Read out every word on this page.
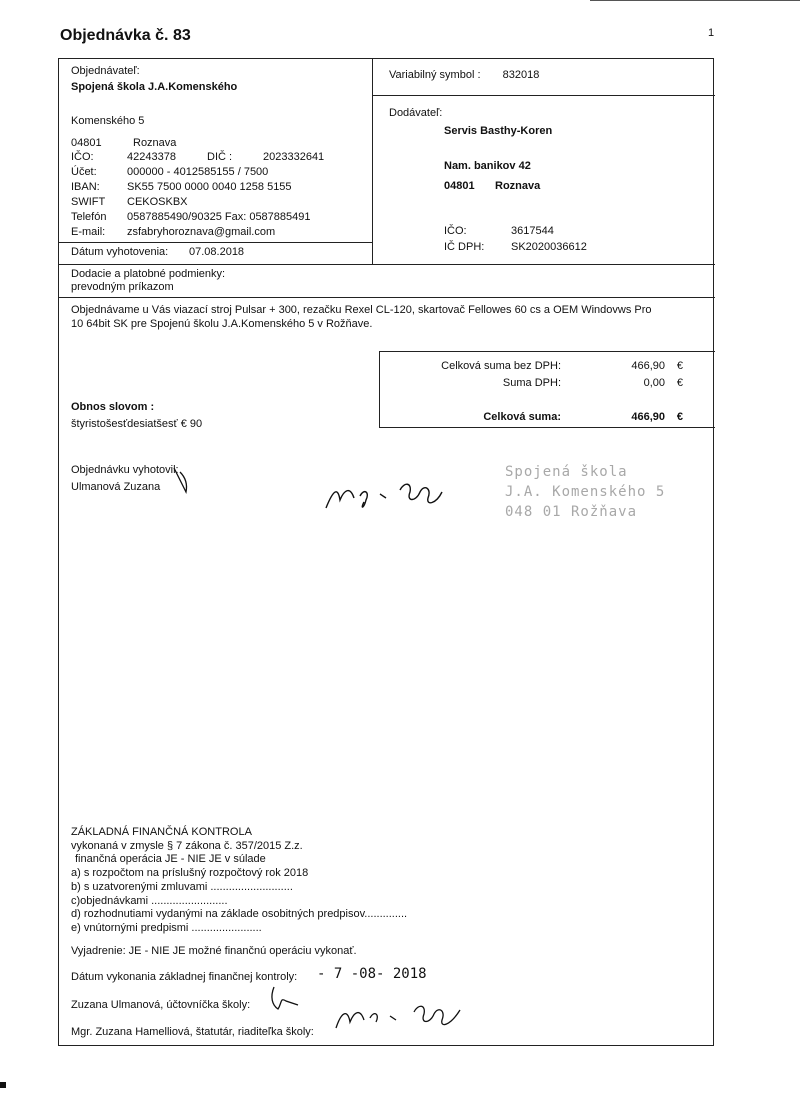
Objednávka č. 83	1
Variabilný symbol : 832018
Objednávateľ:
Spojená škola J.A.Komenského
Komenského 5
04801	Roznava
IČO:	42243378	DIČ :	2023332641
Účet:	000000 - 4012585155 / 7500
IBAN: SK55 7500 0000 0040 1258 5155
SWIFT CEKOSKBX
Telefón 0587885490/90325 Fax: 0587885491
E-mail: zsfabryhoroznava@gmail.com
Dátum vyhotovenia: 07.08.2018
Dodávateľ:
Servis Basthy-Koren
Nam. banikov 42
04801 Roznava
IČO:	3617544
IČ DPH: SK2020036612
Dodacie a platobné podmienky:
prevodným príkazom
Objednávame u Vás viazací stroj Pulsar + 300, rezačku Rexel CL-120, skartovač Fellowes 60 cs a OEM Windovws Pro
10 64bit SK pre Spojenú školu J.A.Komenského 5 v Rožňave.
Celková suma bez DPH:	466,90 €
Suma DPH:	0,00 €
Celková suma:	466,90 €
Obnos slovom :
štyristošesťdesiatšesť € 90
Objednávku vyhotovil:
Ulmanová Zuzana
ZÁKLADNÁ FINANČNÁ KONTROLA
vykonaná v zmysle § 7 zákona č. 357/2015 Z.z.
finančná operácia JE - NIE JE v súlade
a) s rozpočtom na príslušný rozpočtový rok 2018
b) s uzatvorenými zmluvami ...........................
c)objednávkami .........................
d) rozhodnutiami vydanými na základe osobitných predpisov..............
e) vnútornými predpismi .......................
Vyjadrenie: JE - NIE JE možné finančnú operáciu vykonať.
Dátum vykonania základnej finančnej kontroly: - 7 -08- 2018
Zuzana Ulmanová, účtovníčka školy:
Mgr. Zuzana Hamelliová, štatutár, riaditeľka školy:
Spojená škola
J.A. Komenského 5
048 01 Rožňava
